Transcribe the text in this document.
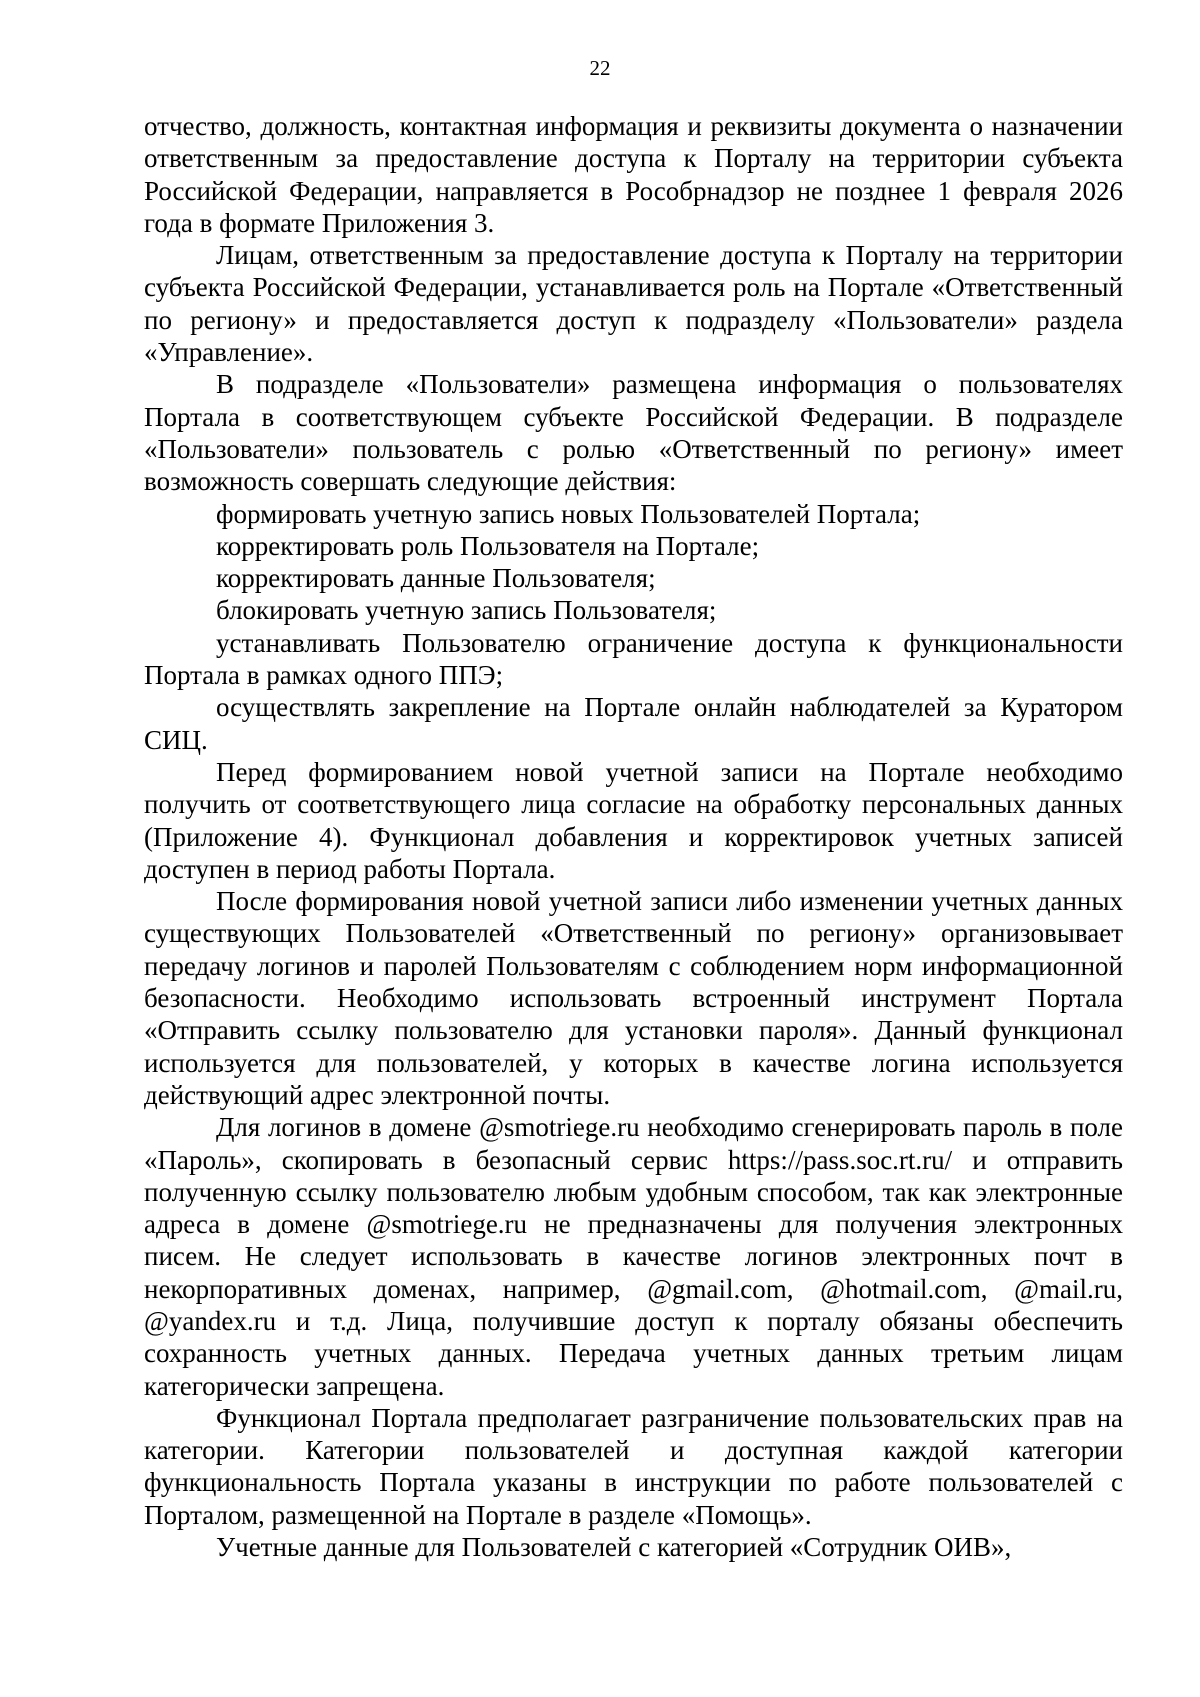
22

отчество, должность, контактная информация и реквизиты документа о назначении ответственным за предоставление доступа к Порталу на территории субъекта Российской Федерации, направляется в Рособрнадзор не позднее 1 февраля 2026 года в формате Приложения 3.

Лицам, ответственным за предоставление доступа к Порталу на территории субъекта Российской Федерации, устанавливается роль на Портале «Ответственный по региону» и предоставляется доступ к подразделу «Пользователи» раздела «Управление».

В подразделе «Пользователи» размещена информация о пользователях Портала в соответствующем субъекте Российской Федерации. В подразделе «Пользователи» пользователь с ролью «Ответственный по региону» имеет возможность совершать следующие действия:

формировать учетную запись новых Пользователей Портала;

корректировать роль Пользователя на Портале;

корректировать данные Пользователя;

блокировать учетную запись Пользователя;

устанавливать Пользователю ограничение доступа к функциональности Портала в рамках одного ППЭ;

осуществлять закрепление на Портале онлайн наблюдателей за Куратором СИЦ.

Перед формированием новой учетной записи на Портале необходимо получить от соответствующего лица согласие на обработку персональных данных (Приложение 4). Функционал добавления и корректировок учетных записей доступен в период работы Портала.

После формирования новой учетной записи либо изменении учетных данных существующих Пользователей «Ответственный по региону» организовывает передачу логинов и паролей Пользователям с соблюдением норм информационной безопасности. Необходимо использовать встроенный инструмент Портала «Отправить ссылку пользователю для установки пароля». Данный функционал используется для пользователей, у которых в качестве логина используется действующий адрес электронной почты.

Для логинов в домене @smotriege.ru необходимо сгенерировать пароль в поле «Пароль», скопировать в безопасный сервис https://pass.soc.rt.ru/ и отправить полученную ссылку пользователю любым удобным способом, так как электронные адреса в домене @smotriege.ru не предназначены для получения электронных писем. Не следует использовать в качестве логинов электронных почт в некорпоративных доменах, например, @gmail.com, @hotmail.com, @mail.ru, @yandex.ru и т.д. Лица, получившие доступ к порталу обязаны обеспечить сохранность учетных данных. Передача учетных данных третьим лицам категорически запрещена.

Функционал Портала предполагает разграничение пользовательских прав на категории. Категории пользователей и доступная каждой категории функциональность Портала указаны в инструкции по работе пользователей с Порталом, размещенной на Портале в разделе «Помощь».

Учетные данные для Пользователей с категорией «Сотрудник ОИВ»,
